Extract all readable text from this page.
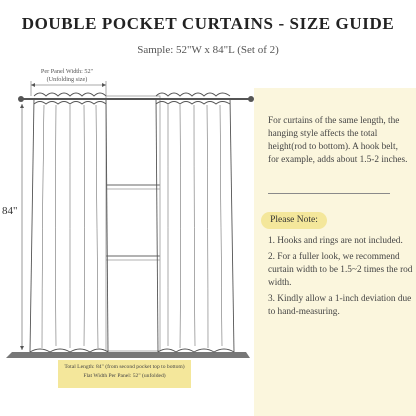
DOUBLE POCKET CURTAINS - SIZE GUIDE
Sample: 52"W x 84"L (Set of 2)
Per Panel Width: 52"
(Unfolding size)
84"
Total Length: 84" (from second pocket top to bottom)
Flat Width Per Panel: 52" (unfolded)
For curtains of the same length, the hanging style affects the total height(rod to bottom). A hook belt, for example, adds about 1.5-2 inches.
Please Note:

1. Hooks and rings are not included.

2. For a fuller look, we recommend curtain width to be 1.5~2 times the rod width.

3. Kindly allow a 1-inch deviation due to hand-measuring.
